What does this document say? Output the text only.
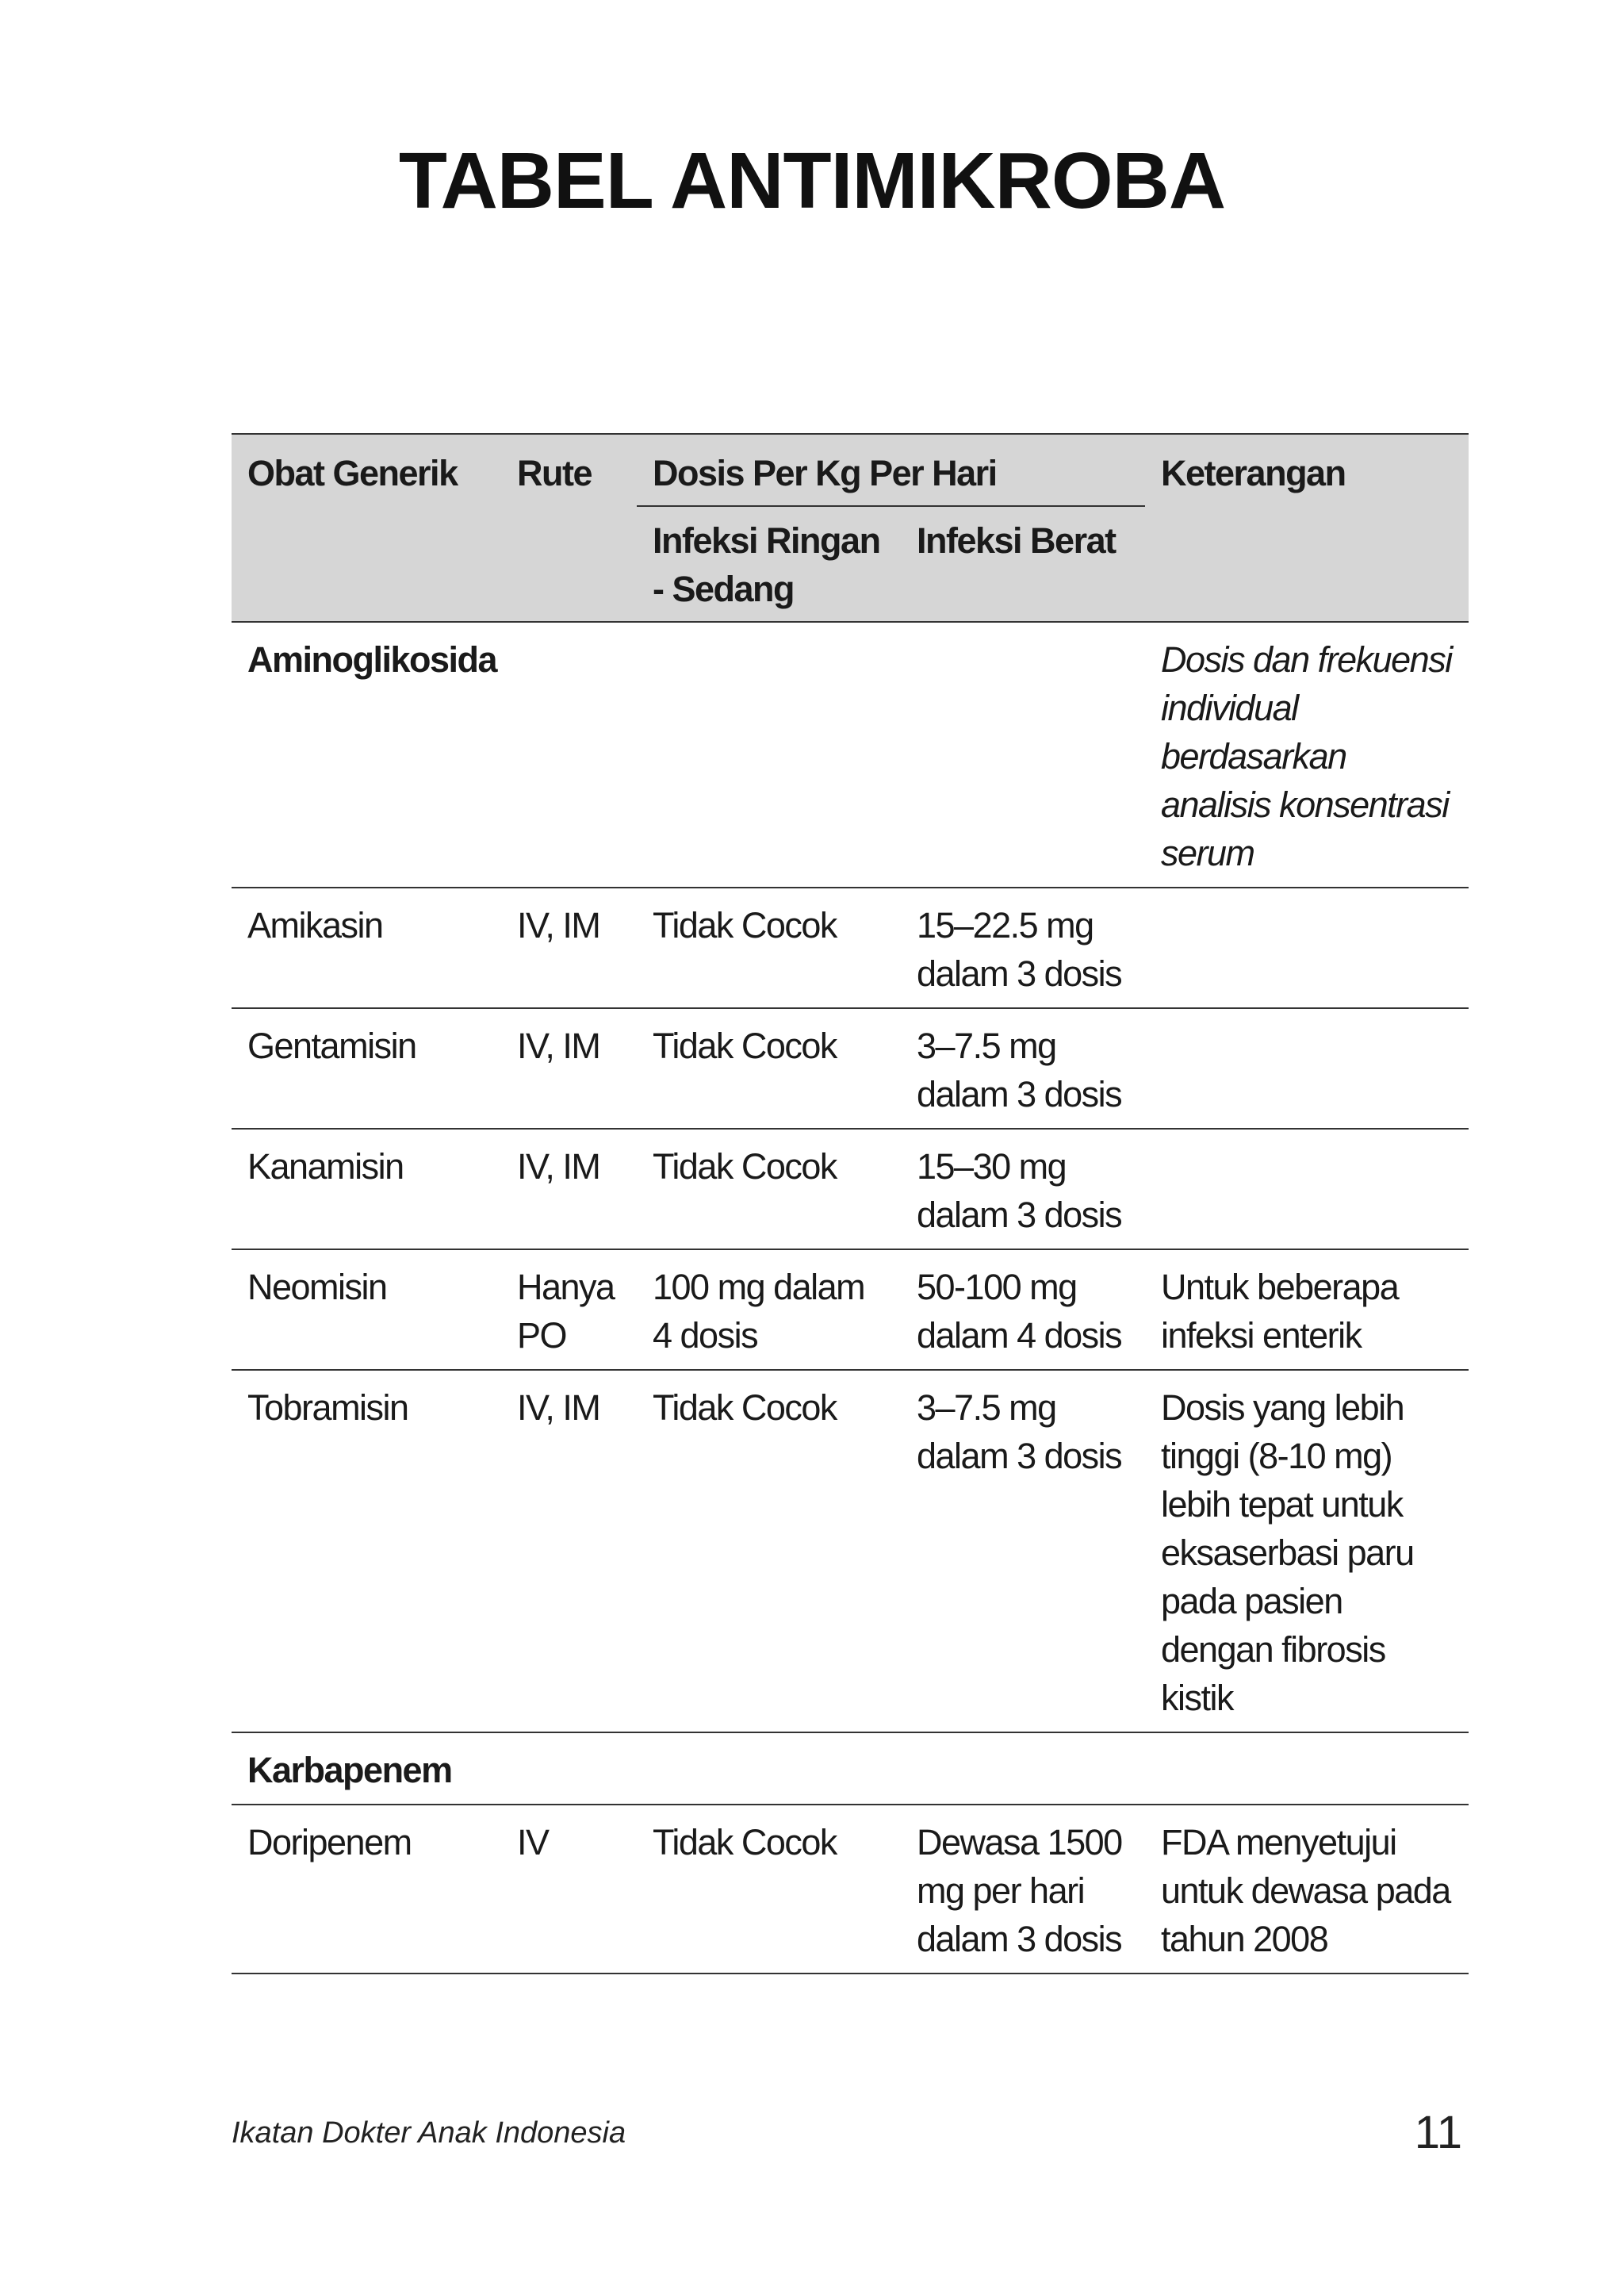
TABEL ANTIMIKROBA
Obat Generik	Rute	Dosis Per Kg Per Hari		Keterangan
		Infeksi Ringan - Sedang	Infeksi Berat	
Aminoglikosida				Dosis dan frekuensi individual berdasarkan analisis konsentrasi serum
Amikasin	IV, IM	Tidak Cocok	15–22.5 mg dalam 3 dosis	
Gentamisin	IV, IM	Tidak Cocok	3–7.5 mg dalam 3 dosis	
Kanamisin	IV, IM	Tidak Cocok	15–30 mg dalam 3 dosis	
Neomisin	Hanya PO	100 mg dalam 4 dosis	50-100 mg dalam 4 dosis	Untuk beberapa infeksi enterik
Tobramisin	IV, IM	Tidak Cocok	3–7.5 mg dalam 3 dosis	Dosis yang lebih tinggi (8-10 mg) lebih tepat untuk eksaserbasi paru pada pasien dengan fibrosis kistik
Karbapenem				
Doripenem	IV	Tidak Cocok	Dewasa 1500 mg per hari dalam 3 dosis	FDA menyetujui untuk dewasa pada tahun 2008
Ikatan Dokter Anak Indonesia	11
